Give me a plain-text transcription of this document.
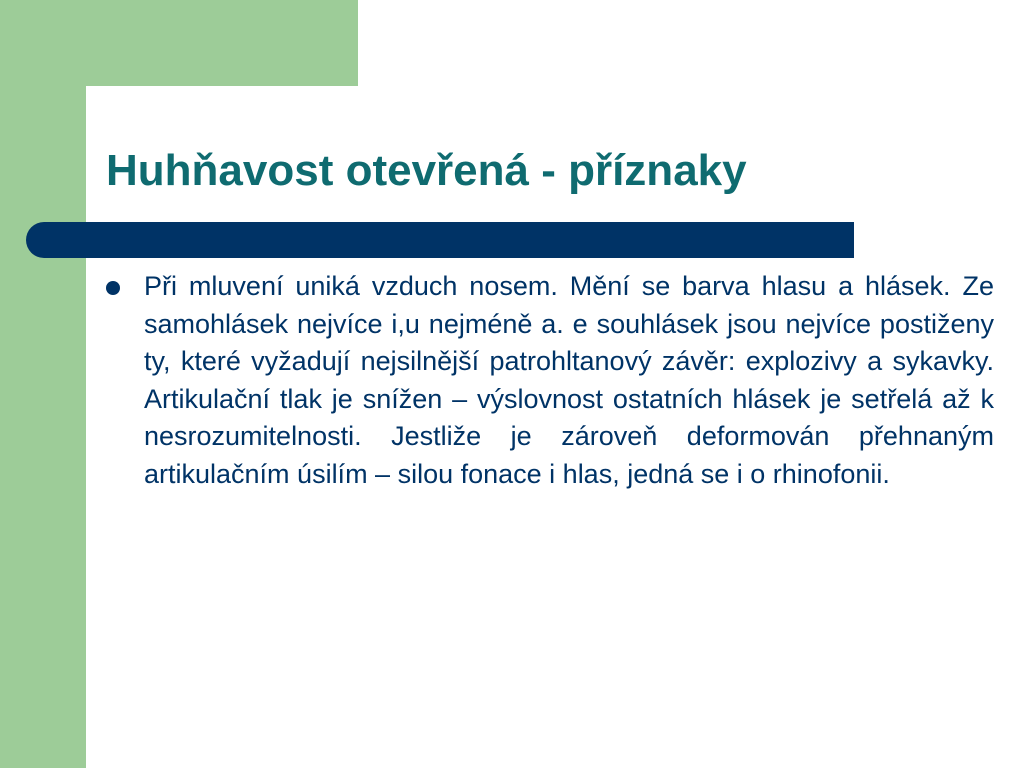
Huhňavost otevřená - příznaky

Při mluvení uniká vzduch nosem. Mění se barva hlasu a hlásek. Ze samohlásek nejvíce i,u nejméně a. e souhlásek jsou nejvíce postiženy ty, které vyžadují nejsilnější patrohltanový závěr: explozivy a sykavky. Artikulační tlak je snížen – výslovnost ostatních hlásek je setřelá až k nesrozumitelnosti. Jestliže je zároveň deformován přehnaným artikulačním úsilím – silou fonace i hlas, jedná se i o rhinofonii.
